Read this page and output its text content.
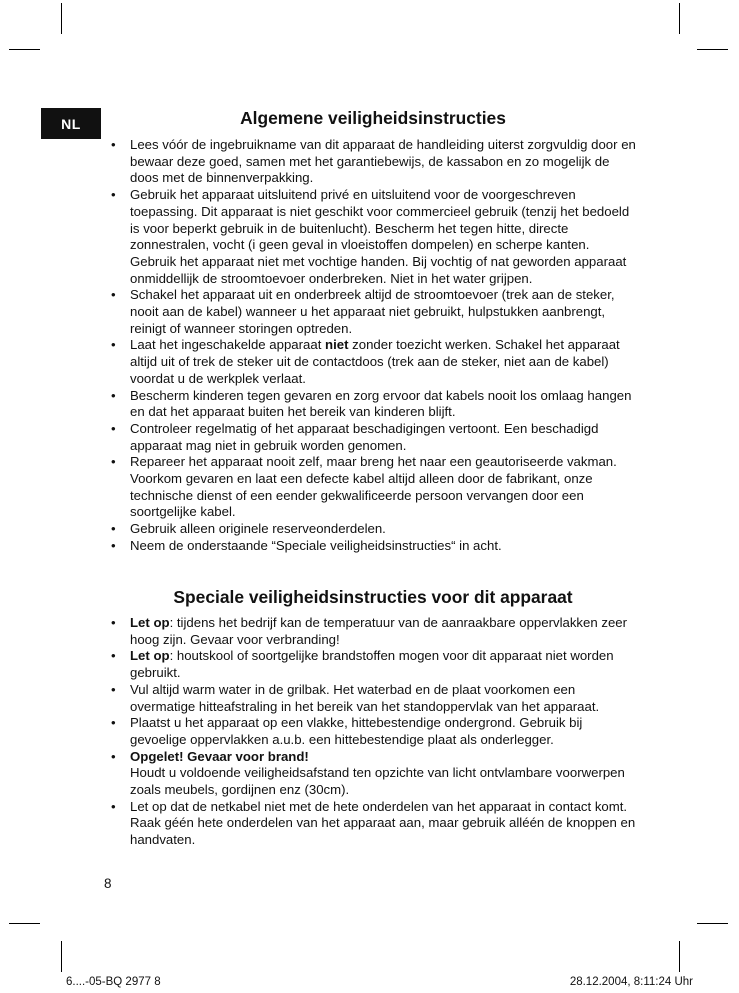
NL	Algemene veiligheidsinstructies
• Lees vóór de ingebruikname van dit apparaat de handleiding uiterst zorgvuldig door en bewaar deze goed, samen met het garantiebewijs, de kassabon en zo mogelijk de doos met de binnenverpakking.
• Gebruik het apparaat uitsluitend privé en uitsluitend voor de voorgeschreven toepassing. Dit apparaat is niet geschikt voor commercieel gebruik (tenzij het bedoeld is voor beperkt gebruik in de buitenlucht). Bescherm het tegen hitte, directe zonnestralen, vocht (i geen geval in vloeistoffen dompelen) en scherpe kanten. Gebruik het apparaat niet met vochtige handen. Bij vochtig of nat geworden apparaat onmiddellijk de stroomtoevoer onderbreken. Niet in het water grijpen.
• Schakel het apparaat uit en onderbreek altijd de stroomtoevoer (trek aan de steker, nooit aan de kabel) wanneer u het apparaat niet gebruikt, hulpstukken aanbrengt, reinigt of wanneer storingen optreden.
• Laat het ingeschakelde apparaat niet zonder toezicht werken. Schakel het apparaat altijd uit of trek de steker uit de contactdoos (trek aan de steker, niet aan de kabel) voordat u de werkplek verlaat.
• Bescherm kinderen tegen gevaren en zorg ervoor dat kabels nooit los omlaag hangen en dat het apparaat buiten het bereik van kinderen blijft.
• Controleer regelmatig of het apparaat beschadigingen vertoont. Een beschadigd apparaat mag niet in gebruik worden genomen.
• Repareer het apparaat nooit zelf, maar breng het naar een geautoriseerde vakman. Voorkom gevaren en laat een defecte kabel altijd alleen door de fabrikant, onze technische dienst of een eender gekwalificeerde persoon vervangen door een soortgelijke kabel.
• Gebruik alleen originele reserveonderdelen.
• Neem de onderstaande “Speciale veiligheidsinstructies“ in acht.
Speciale veiligheidsinstructies voor dit apparaat
• Let op: tijdens het bedrijf kan de temperatuur van de aanraakbare oppervlakken zeer hoog zijn. Gevaar voor verbranding!
• Let op: houtskool of soortgelijke brandstoffen mogen voor dit apparaat niet worden gebruikt.
• Vul altijd warm water in de grilbak. Het waterbad en de plaat voorkomen een overmatige hitteafstraling in het bereik van het standoppervlak van het apparaat.
• Plaatst u het apparaat op een vlakke, hittebestendige ondergrond. Gebruik bij gevoelige oppervlakken a.u.b. een hittebestendige plaat als onderlegger.
• Opgelet! Gevaar voor brand!
Houdt u voldoende veiligheidsafstand ten opzichte van licht ontvlambare voorwerpen zoals meubels, gordijnen enz (30cm).
• Let op dat de netkabel niet met de hete onderdelen van het apparaat in contact komt. Raak géén hete onderdelen van het apparaat aan, maar gebruik alléén de knoppen en handvaten.
8
6....-05-BQ 2977 8	28.12.2004, 8:11:24 Uhr
